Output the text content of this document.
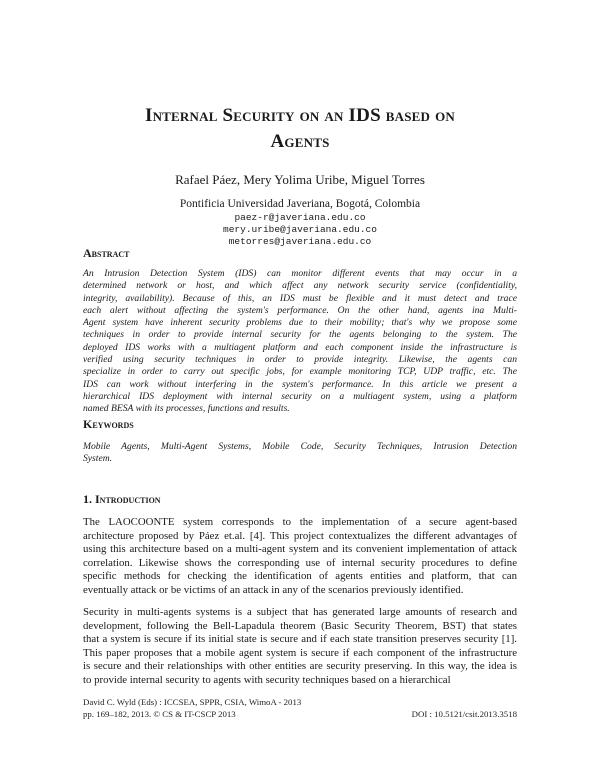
Internal Security on an IDS based on
Agents
Rafael Páez, Mery Yolima Uribe, Miguel Torres
Pontificia Universidad Javeriana, Bogotá, Colombia
paez-r@javeriana.edu.co
mery.uribe@javeriana.edu.co
metorres@javeriana.edu.co
Abstract
An Intrusion Detection System (IDS) can monitor different events that may occur in a
determined network or host, and which affect any network security service (confidentiality,
integrity, availability). Because of this, an IDS must be flexible and it must detect and trace
each alert without affecting the system's performance. On the other hand, agents ina Multi-
Agent system have inherent security problems due to their mobility; that's why we propose some
techniques in order to provide internal security for the agents belonging to the system. The
deployed IDS works with a multiagent platform and each component inside the infrastructure is
verified using security techniques in order to provide integrity. Likewise, the agents can
specialize in order to carry out specific jobs, for example monitoring TCP, UDP traffic, etc. The
IDS can work without interfering in the system's performance. In this article we present a
hierarchical IDS deployment with internal security on a multiagent system, using a platform
named BESA with its processes, functions and results.
Keywords
Mobile Agents, Multi-Agent Systems, Mobile Code, Security Techniques, Intrusion Detection
System.
1. Introduction
The LAOCOONTE system corresponds to the implementation of a secure agent-based
architecture proposed by Páez et.al. [4]. This project contextualizes the different advantages of
using this architecture based on a multi-agent system and its convenient implementation of attack
correlation. Likewise shows the corresponding use of internal security procedures to define
specific methods for checking the identification of agents entities and platform, that can
eventually attack or be victims of an attack in any of the scenarios previously identified.
Security in multi-agents systems is a subject that has generated large amounts of research and
development, following the Bell-Lapadula theorem (Basic Security Theorem, BST) that states
that a system is secure if its initial state is secure and if each state transition preserves security [1].
This paper proposes that a mobile agent system is secure if each component of the infrastructure
is secure and their relationships with other entities are security preserving. In this way, the idea is
to provide internal security to agents with security techniques based on a hierarchical
David C. Wyld (Eds) : ICCSEA, SPPR, CSIA, WimoA - 2013
pp. 169–182, 2013. © CS & IT-CSCP 2013	DOI : 10.5121/csit.2013.3518
